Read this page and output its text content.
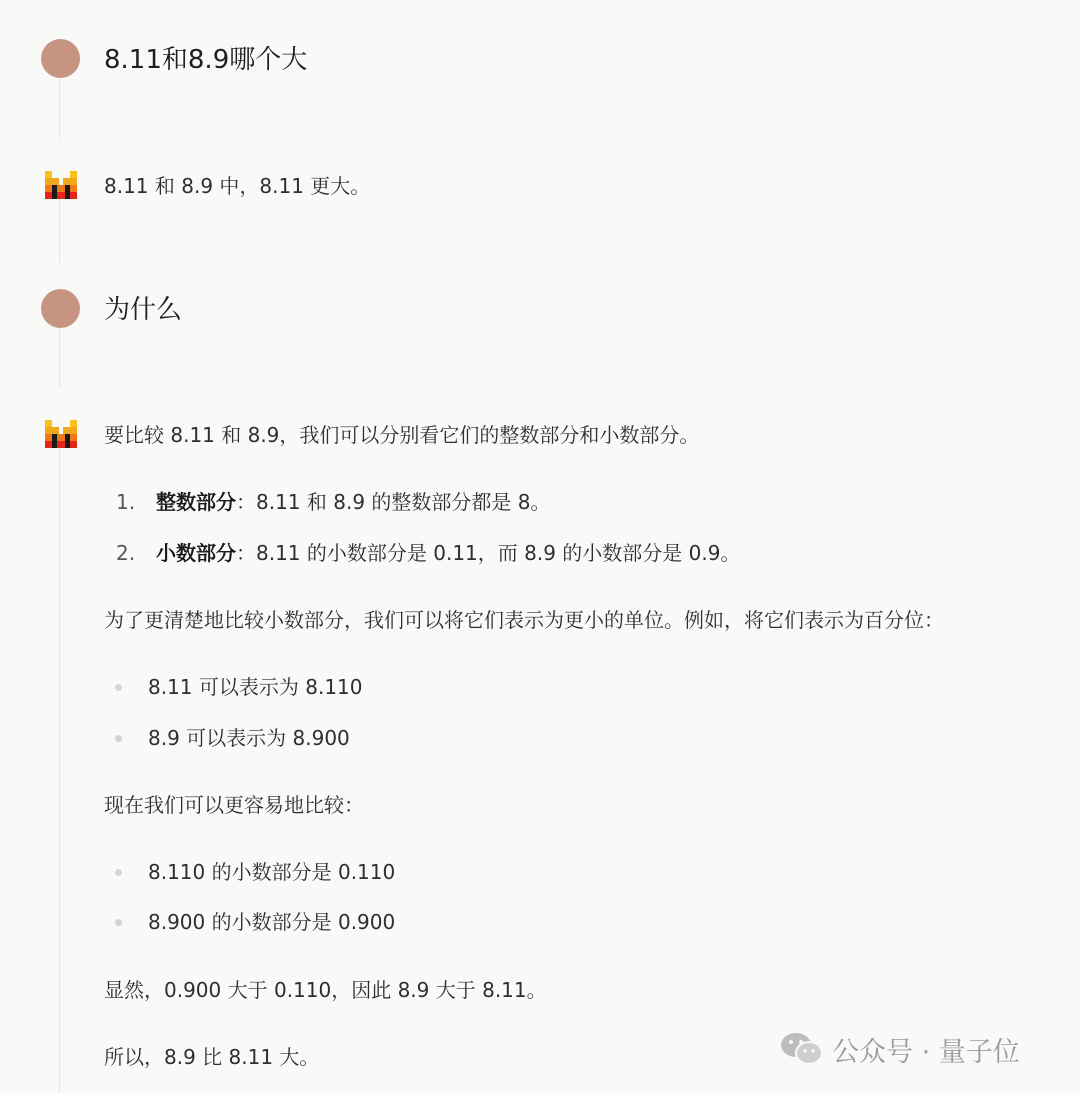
8.11和8.9哪个大
8.11 和 8.9 中，8.11 更大。
为什么
要比较 8.11 和 8.9，我们可以分别看它们的整数部分和小数部分。
1. 整数部分：8.11 和 8.9 的整数部分都是 8。
2. 小数部分：8.11 的小数部分是 0.11，而 8.9 的小数部分是 0.9。
为了更清楚地比较小数部分，我们可以将它们表示为更小的单位。例如，将它们表示为百分位：
8.11 可以表示为 8.110
8.9 可以表示为 8.900
现在我们可以更容易地比较：
8.110 的小数部分是 0.110
8.900 的小数部分是 0.900
显然，0.900 大于 0.110，因此 8.9 大于 8.11。
所以，8.9 比 8.11 大。	公众号 · 量子位
